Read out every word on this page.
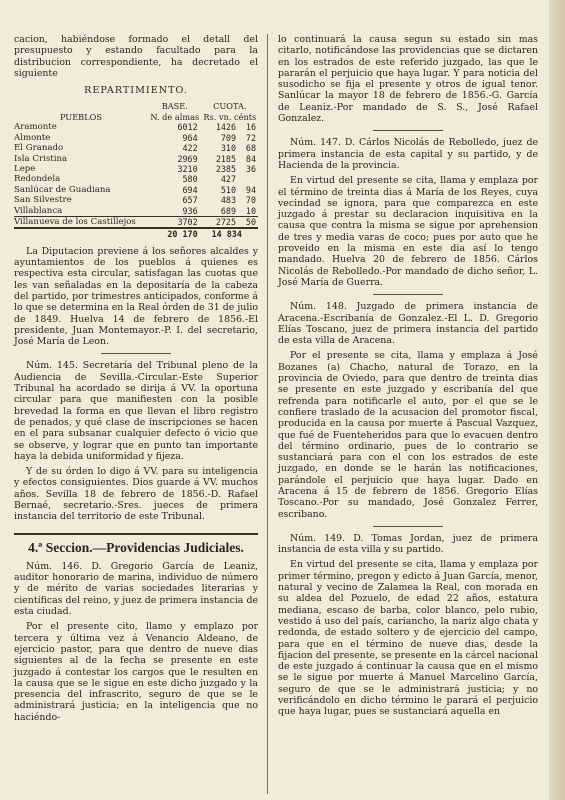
cacion, habiéndose formado el detall del presupuesto y estando facultado para la distribucion correspondiente, ha decretado el siguiente

REPARTIMIENTO.
PUEBLOS	BASE.	CUOTA.	
	N. de almas	Rs. vn. cénts	
Aramonte	6012	1426	16
Almonte	964	709	72
El Granado	422	310	68
Isla Cristina	2969	2185	84
Lepe	3210	2385	36
Redondela	580	427	
Sanlúcar de Guadiana	694	510	94
San Silvestre	657	483	70
Villablanca	936	689	10
Villanueva de los Castillejos	3702	2725	50
	20 170	14 834	

La Diputacion previene á los señores alcaldes y ayuntamientos de los pueblos á quienes es respectiva esta circular, satisfagan las cuotas que les van señaladas en la depositaría de la cabeza del partido, por trimestres anticipados, conforme á lo que se determina en la Real órden de 31 de julio de 1849. Huelva 14 de febrero de 1856.-El presidente, Juan Montemayor.-P. I. del secretario, José María de Leon.

Núm. 145. Secretaría del Tribunal pleno de la Audiencia de Sevilla.-Circular.-Este Superior Tribunal ha acordado se dirija á VV. la oportuna circular para que manifiesten con la posible brevedad la forma en que llevan el libro registro de penados, y qué clase de inscripciones se hacen en el para subsanar cualquier defecto ó vicio que se observe, y lograr que en punto tan importante haya la debida uniformidad y fijeza.

Y de su órden lo digo á VV. para su inteligencia y efectos consiguientes. Dios guarde á VV. muchos años. Sevilla 18 de febrero de 1856.-D. Rafael Bernaé, secretario.-Sres. jueces de primera instancia del territorio de este Tribunal.

4.ª Seccion.—Providencias Judiciales.

Núm. 146. D. Gregorio García de Leaniz, auditor honorario de marina, individuo de número y de mérito de varias sociedades literarias y científicas del reino, y juez de primera instancia de esta ciudad.

Por el presente cito, llamo y emplazo por tercera y última vez á Venancio Aldeano, de ejercicio pastor, para que dentro de nueve dias siguientes al de la fecha se presente en este juzgado á contestar los cargos que le resulten en la causa que se le sigue en este dicho juzgado y la presencia del infrascrito, seguro de que se le administrará justicia; en la inteligencia que no haciéndo-

lo continuará la causa segun su estado sin mas citarlo, notificándose las providencias que se dictaren en los estrados de este referido juzgado, las que le pararán el perjuicio que haya lugar. Y para noticia del susodicho se fija el presente y otros de igual tenor. Sanlúcar la mayor 18 de febrero de 1856.-G. García de Leaniz.-Por mandado de S. S., José Rafael Gonzalez.

Núm. 147. D. Cárlos Nicolás de Rebolledo, juez de primera instancia de esta capital y su partido, y de Hacienda de la provincia.

En virtud del presente se cita, llama y emplaza por el término de treinta dias á María de los Reyes, cuya vecindad se ignora, para que comparezca en este juzgado á prestar su declaracion inquisitiva en la causa que contra la misma se sigue por aprehension de tres y media varas de coco; pues por auto que he proveido en la misma en este dia así lo tengo mandado. Huelva 20 de febrero de 1856. Cárlos Nicolás de Rebolledo.-Por mandado de dicho señor, L. José María de Guerra.

Núm. 148. Juzgado de primera instancia de Aracena.-Escribanía de Gonzalez.-El L. D. Gregorio Elías Toscano, juez de primera instancia del partido de esta villa de Aracena.

Por el presente se cita, llama y emplaza á José Bozanes (a) Chacho, natural de Torazo, en la provincia de Oviedo, para que dentro de treinta dias se presente en este juzgado y escribanía del que refrenda para notificarle el auto, por el que se le confiere traslado de la acusacion del promotor fiscal, producida en la causa por muerte á Pascual Vazquez, que fué de Fuenteheridos para que lo evacuen dentro del término ordinario, pues de lo contrario se sustanciará para con el con los estrados de este juzgado, en donde se le harán las notificaciones, parándole el perjuicio que haya lugar. Dado en Aracena á 15 de febrero de 1856. Gregorio Elías Toscano.-Por su mandado, José Gonzalez Ferrer, escribano.

Núm. 149. D. Tomas Jordan, juez de primera instancia de esta villa y su partido.

En virtud del presente se cita, llama y emplaza por primer término, pregon y edicto á Juan García, menor, natural y vecino de Zalamea la Real, con morada en su aldea del Pozuelo, de edad 22 años, estatura mediana, escaso de barba, color blanco, pelo rubio, vestido á uso del país, cariancho, la nariz algo chata y redonda, de estado soltero y de ejercicio del campo, para que en el término de nueve dias, desde la fijacion del presente, se presente en la cárcel nacional de este juzgado á continuar la causa que en el mismo se le sigue por muerte á Manuel Marcelino García, seguro de que se le administrará justicia; y no verificándolo en dicho término le parará el perjuicio que haya lugar, pues se sustanciará aquella en
